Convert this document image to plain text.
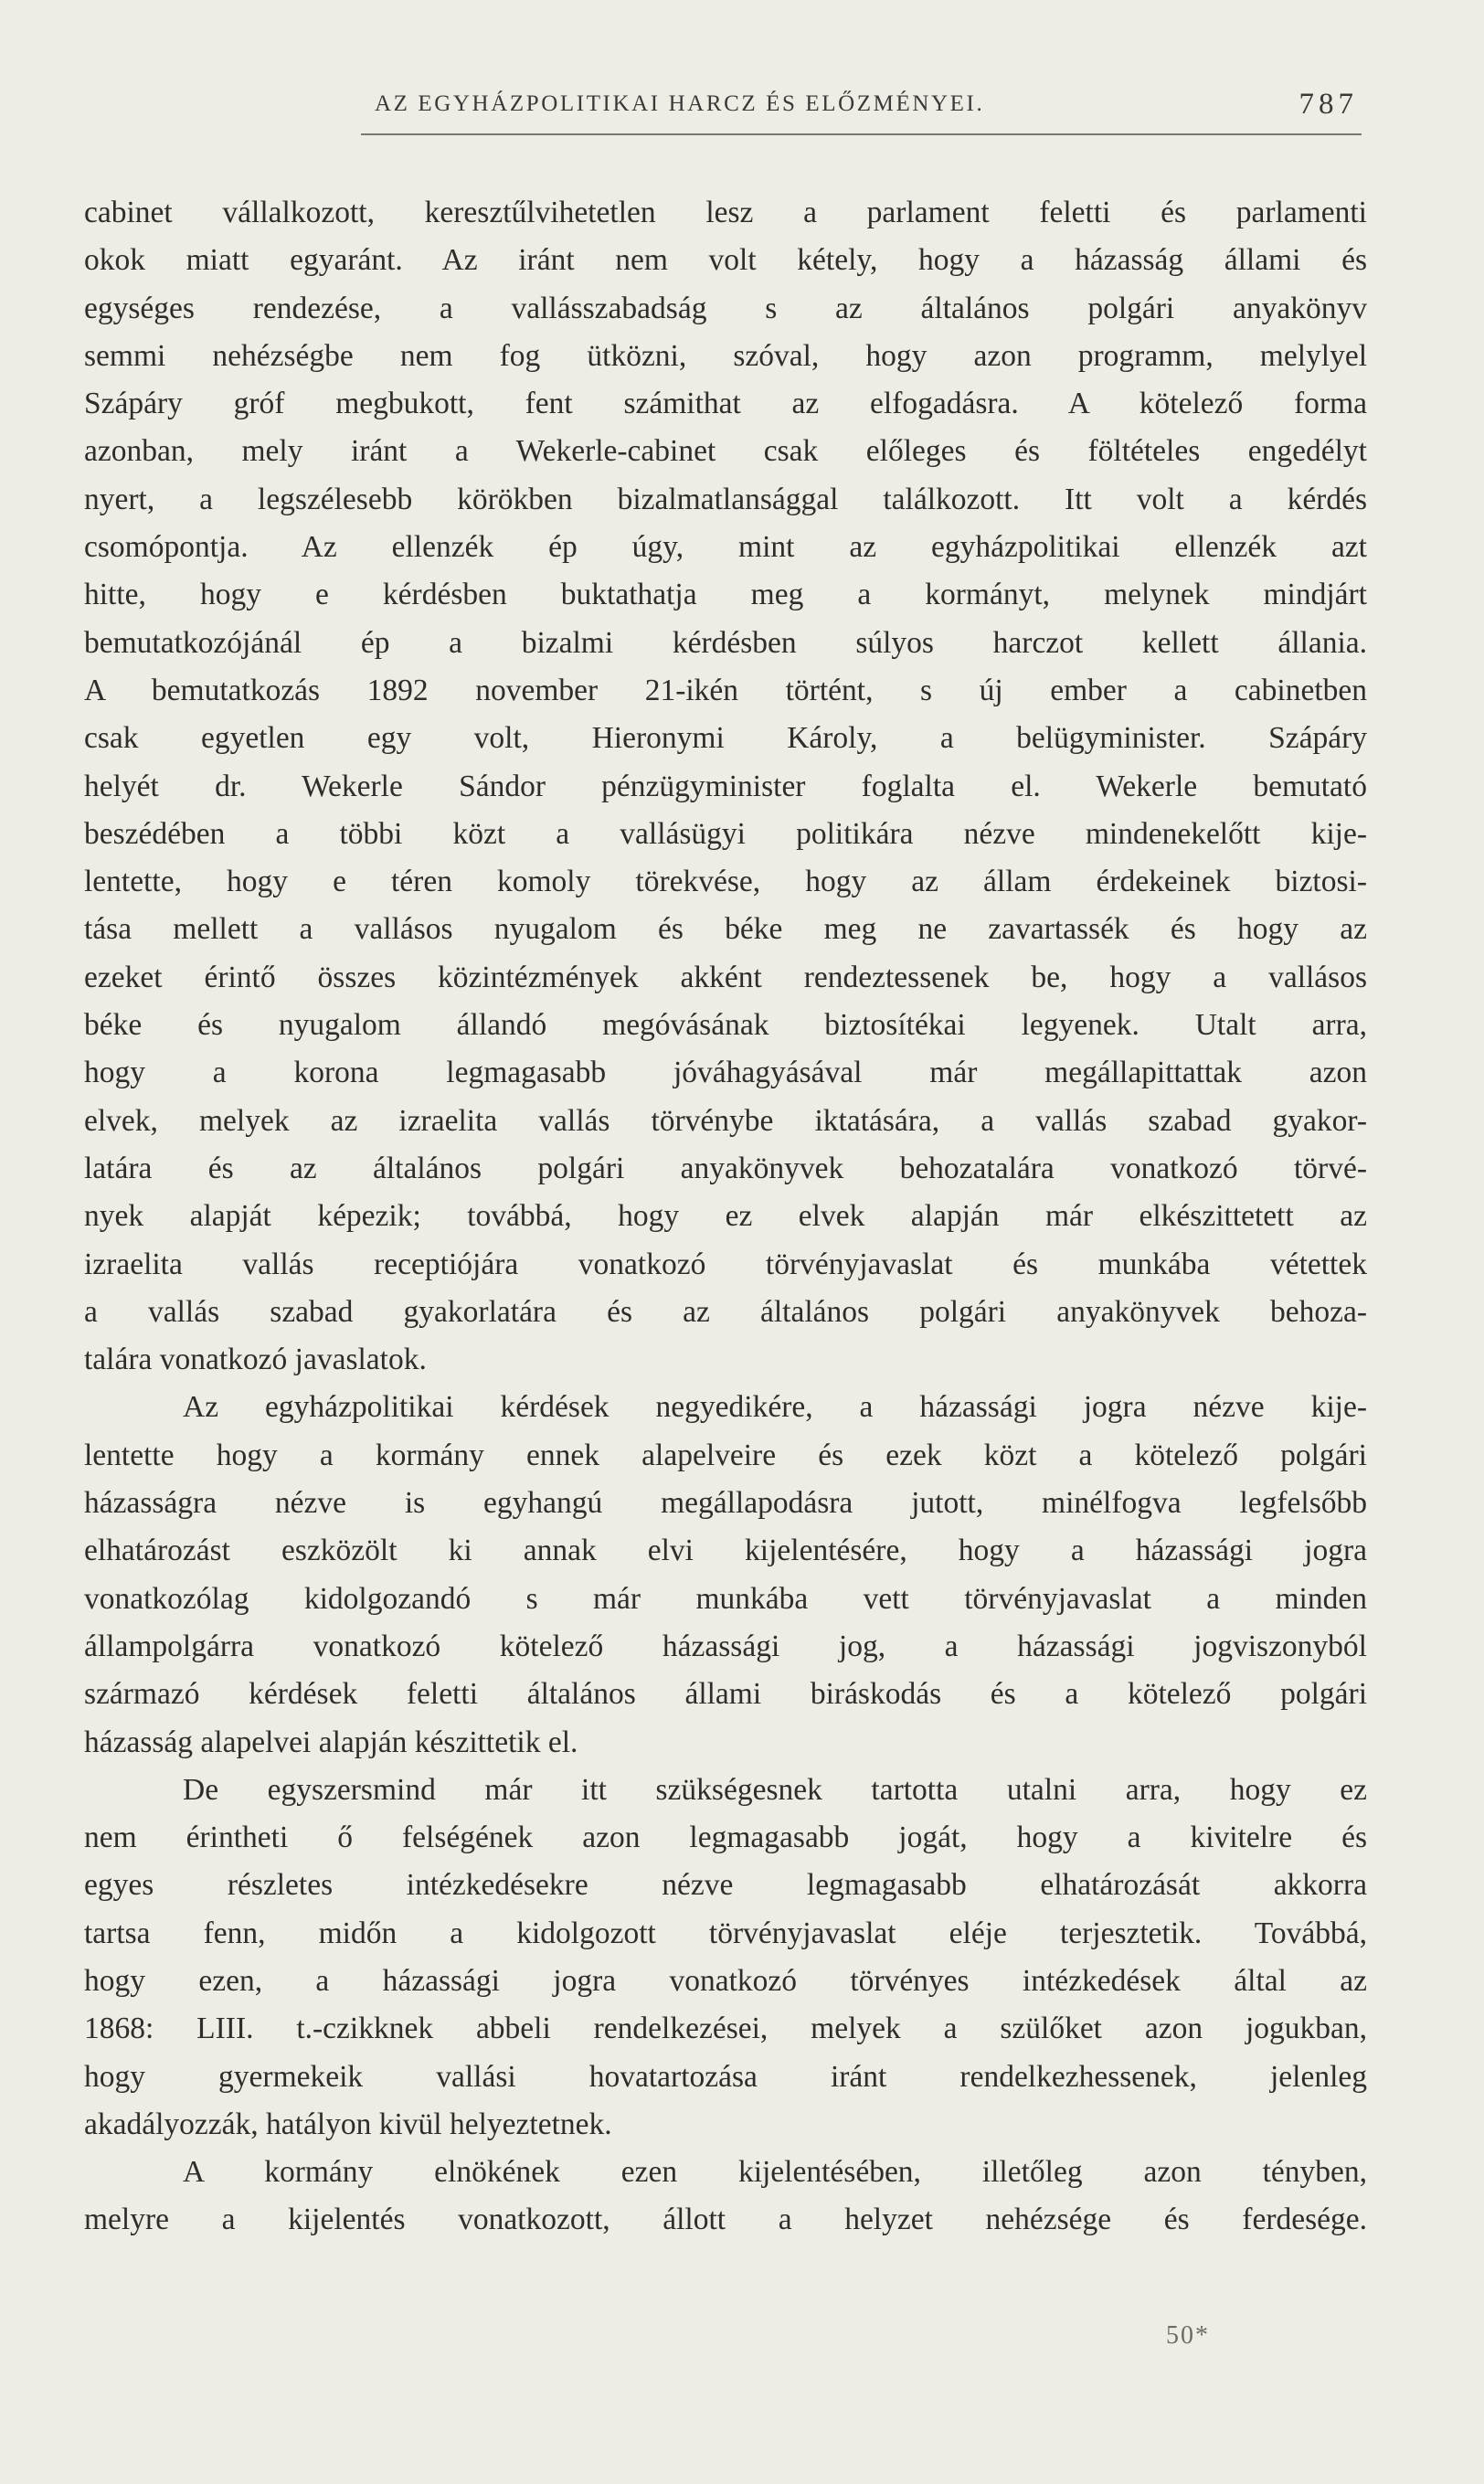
AZ EGYHÁZPOLITIKAI HARCZ ÉS ELŐZMÉNYEI.	787
cabinet vállalkozott, keresztűlvihetetlen lesz a parlament feletti és parlamenti
okok miatt egyaránt. Az iránt nem volt kétely, hogy a házasság állami és
egységes rendezése, a vallásszabadság s az általános polgári anyakönyv
semmi nehézségbe nem fog ütközni, szóval, hogy azon programm, melylyel
Szápáry gróf megbukott, fent számithat az elfogadásra. A kötelező forma
azonban, mely iránt a Wekerle-cabinet csak előleges és föltételes engedélyt
nyert, a legszélesebb körökben bizalmatlansággal találkozott. Itt volt a kérdés
csomópontja. Az ellenzék ép úgy, mint az egyházpolitikai ellenzék azt
hitte, hogy e kérdésben buktathatja meg a kormányt, melynek mindjárt
bemutatkozójánál ép a bizalmi kérdésben súlyos harczot kellett állania.
A bemutatkozás 1892 november 21-ikén történt, s új ember a cabinetben
csak egyetlen egy volt, Hieronymi Károly, a belügyminister. Szápáry
helyét dr. Wekerle Sándor pénzügyminister foglalta el. Wekerle bemutató
beszédében a többi közt a vallásügyi politikára nézve mindenekelőtt kije-
lentette, hogy e téren komoly törekvése, hogy az állam érdekeinek biztosi-
tása mellett a vallásos nyugalom és béke meg ne zavartassék és hogy az
ezeket érintő összes közintézmények akként rendeztessenek be, hogy a vallásos
béke és nyugalom állandó megóvásának biztosítékai legyenek. Utalt arra,
hogy a korona legmagasabb jóváhagyásával már megállapittattak azon
elvek, melyek az izraelita vallás törvénybe iktatására, a vallás szabad gyakor-
latára és az általános polgári anyakönyvek behozatalára vonatkozó törvé-
nyek alapját képezik; továbbá, hogy ez elvek alapján már elkészittetett az
izraelita vallás receptiójára vonatkozó törvényjavaslat és munkába vétettek
a vallás szabad gyakorlatára és az általános polgári anyakönyvek behoza-
talára vonatkozó javaslatok.
Az egyházpolitikai kérdések negyedikére, a házassági jogra nézve kije-
lentette hogy a kormány ennek alapelveire és ezek közt a kötelező polgári
házasságra nézve is egyhangú megállapodásra jutott, minélfogva legfelsőbb
elhatározást eszközölt ki annak elvi kijelentésére, hogy a házassági jogra
vonatkozólag kidolgozandó s már munkába vett törvényjavaslat a minden
állampolgárra vonatkozó kötelező házassági jog, a házassági jogviszonyból
származó kérdések feletti általános állami biráskodás és a kötelező polgári
házasság alapelvei alapján készittetik el.
De egyszersmind már itt szükségesnek tartotta utalni arra, hogy ez
nem érintheti ő felségének azon legmagasabb jogát, hogy a kivitelre és
egyes részletes intézkedésekre nézve legmagasabb elhatározását akkorra
tartsa fenn, midőn a kidolgozott törvényjavaslat eléje terjesztetik. Továbbá,
hogy ezen, a házassági jogra vonatkozó törvényes intézkedések által az
1868: LIII. t.-czikknek abbeli rendelkezései, melyek a szülőket azon jogukban,
hogy gyermekeik vallási hovatartozása iránt rendelkezhessenek, jelenleg
akadályozzák, hatályon kivül helyeztetnek.
A kormány elnökének ezen kijelentésében, illetőleg azon tényben,
melyre a kijelentés vonatkozott, állott a helyzet nehézsége és ferdesége.
50*
